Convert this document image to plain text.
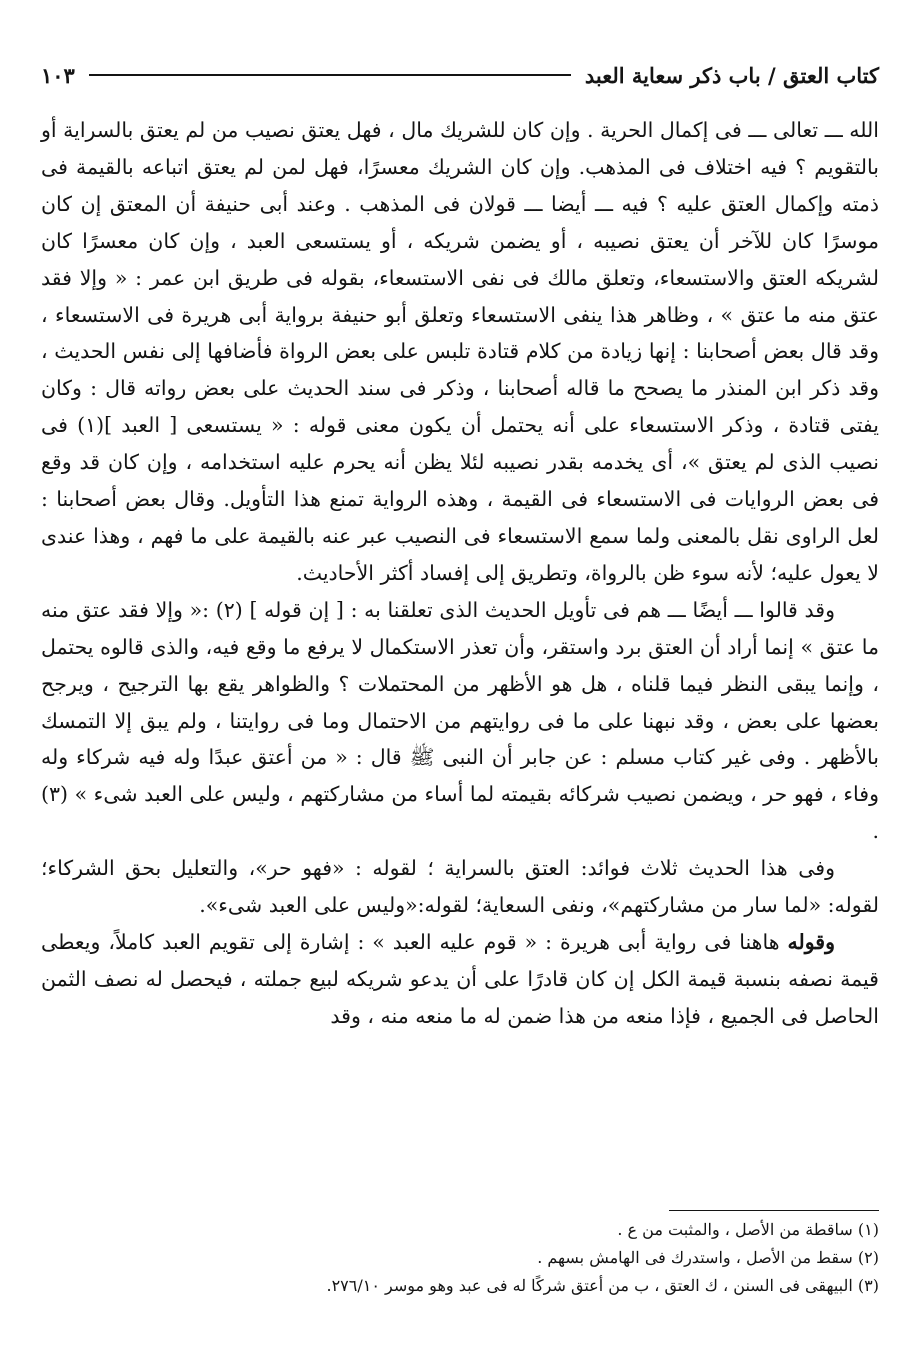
كتاب العتق / باب ذكر سعاية العبد
١٠٣

الله ـــ تعالى ـــ فى إكمال الحرية . وإن كان للشريك مال ، فهل يعتق نصيب من لم يعتق بالسراية أو بالتقويم ؟ فيه اختلاف فى المذهب. وإن كان الشريك معسرًا، فهل لمن لم يعتق اتباعه بالقيمة فى ذمته وإكمال العتق عليه ؟ فيه ـــ أيضا ـــ قولان فى المذهب . وعند أبى حنيفة أن المعتق إن كان موسرًا كان للآخر أن يعتق نصيبه ، أو يضمن شريكه ، أو يستسعى العبد ، وإن كان معسرًا كان لشريكه العتق والاستسعاء، وتعلق مالك فى نفى الاستسعاء، بقوله فى طريق ابن عمر : « وإلا فقد عتق منه ما عتق » ، وظاهر هذا ينفى الاستسعاء وتعلق أبو حنيفة برواية أبى هريرة فى الاستسعاء ، وقد قال بعض أصحابنا : إنها زيادة من كلام قتادة تلبس على بعض الرواة فأضافها إلى نفس الحديث ، وقد ذكر ابن المنذر ما يصحح ما قاله أصحابنا ، وذكر فى سند الحديث على بعض رواته قال : وكان يفتى قتادة ، وذكر الاستسعاء على أنه يحتمل أن يكون معنى قوله : « يستسعى [ العبد ](١) فى نصيب الذى لم يعتق »، أى يخدمه بقدر نصيبه لئلا يظن أنه يحرم عليه استخدامه ، وإن كان قد وقع فى بعض الروايات فى الاستسعاء فى القيمة ، وهذه الرواية تمنع هذا التأويل. وقال بعض أصحابنا : لعل الراوى نقل بالمعنى ولما سمع الاستسعاء فى النصيب عبر عنه بالقيمة على ما فهم ، وهذا عندى لا يعول عليه؛ لأنه سوء ظن بالرواة، وتطريق إلى إفساد أكثر الأحاديث.

وقد قالوا ـــ أيضًا ـــ هم فى تأويل الحديث الذى تعلقنا به : [ إن قوله ] (٢) :« وإلا فقد عتق منه ما عتق » إنما أراد أن العتق برد واستقر، وأن تعذر الاستكمال لا يرفع ما وقع فيه، والذى قالوه يحتمل ، وإنما يبقى النظر فيما قلناه ، هل هو الأظهر من المحتملات ؟ والظواهر يقع بها الترجيح ، ويرجح بعضها على بعض ، وقد نبهنا على ما فى روايتهم من الاحتمال وما فى روايتنا ، ولم يبق إلا التمسك بالأظهر . وفى غير كتاب مسلم : عن جابر أن النبى ﷺ قال : « من أعتق عبدًا وله فيه شركاء وله وفاء ، فهو حر ، ويضمن نصيب شركائه بقيمته لما أساء من مشاركتهم ، وليس على العبد شىء » (٣) .

وفى هذا الحديث ثلاث فوائد: العتق بالسراية ؛ لقوله : «فهو حر»، والتعليل بحق الشركاء؛ لقوله: «لما سار من مشاركتهم»، ونفى السعاية؛ لقوله:«وليس على العبد شىء».

وقوله هاهنا فى رواية أبى هريرة : « قوم عليه العبد » : إشارة إلى تقويم العبد كاملاً، ويعطى قيمة نصفه بنسبة قيمة الكل إن كان قادرًا على أن يدعو شريكه لبيع جملته ، فيحصل له نصف الثمن الحاصل فى الجميع ، فإذا منعه من هذا ضمن له ما منعه منه ، وقد

(١) ساقطة من الأصل ، والمثبت من ع .
(٢) سقط من الأصل ، واستدرك فى الهامش بسهم .
(٣) البيهقى فى السنن ، ك العتق ، ب من أعتق شركًا له فى عبد وهو موسر ٢٧٦/١٠.
